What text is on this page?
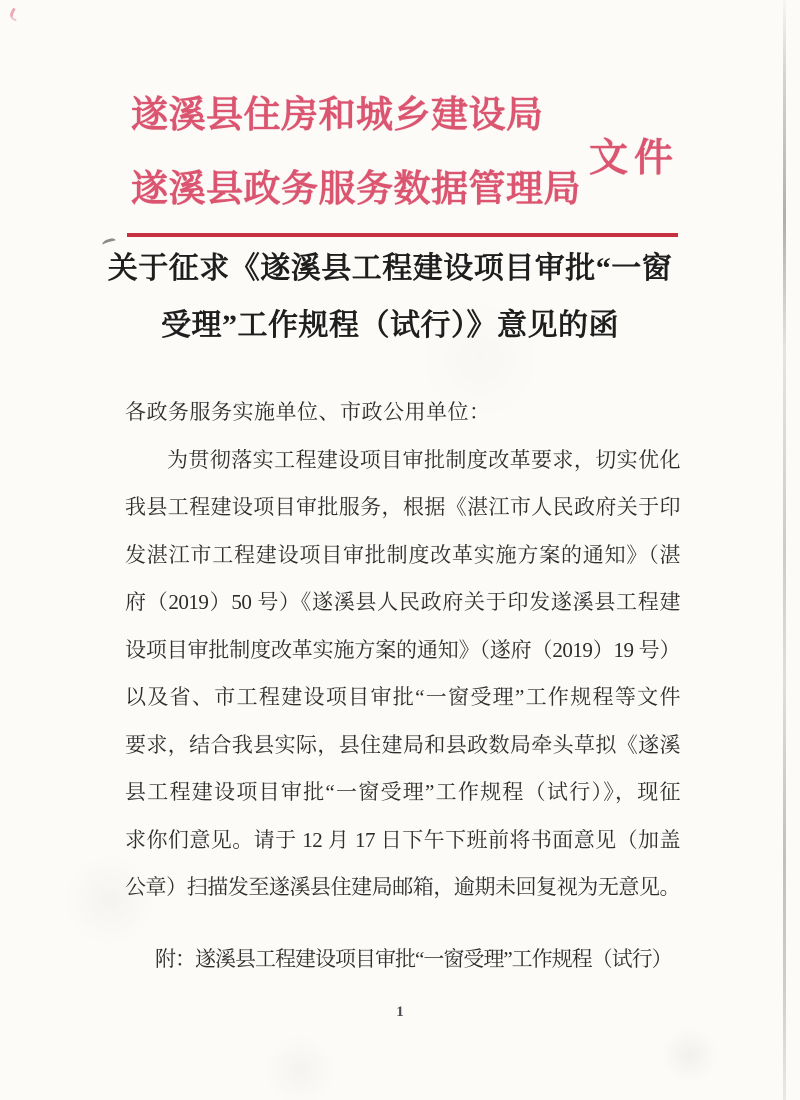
遂溪县住房和城乡建设局
遂溪县政务服务数据管理局
文件
关于征求《遂溪县工程建设项目审批“一窗
受理”工作规程（试行）》意见的函
各政务服务实施单位、市政公用单位：
为贯彻落实工程建设项目审批制度改革要求，切实优化
我县工程建设项目审批服务，根据《湛江市人民政府关于印
发湛江市工程建设项目审批制度改革实施方案的通知》（湛
府（2019）50 号）《遂溪县人民政府关于印发遂溪县工程建
设项目审批制度改革实施方案的通知》（遂府（2019）19 号）
以及省、市工程建设项目审批“一窗受理”工作规程等文件
要求，结合我县实际，县住建局和县政数局牵头草拟《遂溪
县工程建设项目审批“一窗受理”工作规程（试行）》，现征
求你们意见。请于 12 月 17 日下午下班前将书面意见（加盖
公章）扫描发至遂溪县住建局邮箱，逾期未回复视为无意见。
附：遂溪县工程建设项目审批“一窗受理”工作规程（试行）
1
